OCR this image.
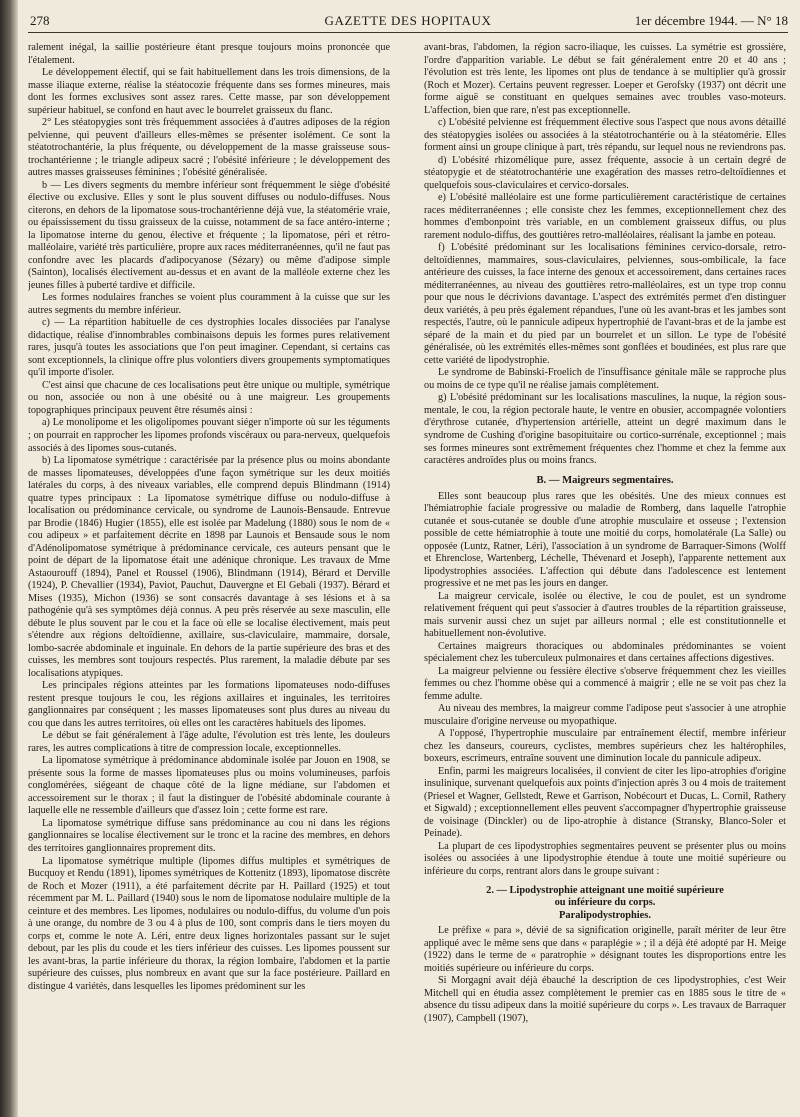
278	GAZETTE DES HOPITAUX	1er décembre 1944. — N° 18

ralement inégal, la saillie postérieure étant presque toujours moins prononcée que l'étalement.

Le développement électif, qui se fait habituellement dans les trois dimensions, de la masse iliaque externe, réalise la stéatocozie fréquente dans ses formes mineures, mais dont les formes exclusives sont assez rares. Cette masse, par son développement supérieur habituel, se confond en haut avec le bourrelet graisseux du flanc.

2° Les stéatopygies sont très fréquemment associées à d'autres adiposes de la région pelvienne, qui peuvent d'ailleurs elles-mêmes se présenter isolément. Ce sont la stéatotrochantérie, la plus fréquente, ou développement de la masse graisseuse sous-trochantérienne ; le triangle adipeux sacré ; l'obésité inférieure ; le développement des autres masses graisseuses féminines ; l'obésité généralisée.

b — Les divers segments du membre inférieur sont fréquemment le siège d'obésité élective ou exclusive. Elles y sont le plus souvent diffuses ou nodulo-diffuses. Nous citerons, en dehors de la lipomatose sous-trochantérienne déjà vue, la stéatomérie vraie, ou épaississement du tissu graisseux de la cuisse, notamment de sa face antéro-interne ; la lipomatose interne du genou, élective et fréquente ; la lipomatose, péri et rétro-malléolaire, variété très particulière, propre aux races méditerranéennes, qu'il ne faut pas confondre avec les placards d'adipocyanose (Sézary) ou même d'adipose simple (Sainton), localisés électivement au-dessus et en avant de la malléole externe chez les jeunes filles à puberté tardive et difficile.

Les formes nodulaires franches se voient plus couramment à la cuisse que sur les autres segments du membre inférieur.

c) — La répartition habituelle de ces dystrophies locales dissociées par l'analyse didactique, réalise d'innombrables combinaisons depuis les formes pures relativement rares, jusqu'à toutes les associations que l'on peut imaginer. Cependant, si certains cas sont exceptionnels, la clinique offre plus volontiers divers groupements symptomatiques qu'il importe d'isoler.

C'est ainsi que chacune de ces localisations peut être unique ou multiple, symétrique ou non, associée ou non à une obésité ou à une maigreur. Les groupements topographiques principaux peuvent être résumés ainsi :

a) Le monolipome et les oligolipomes pouvant siéger n'importe où sur les téguments ; on pourrait en rapprocher les lipomes profonds viscéraux ou para-nerveux, quelquefois associés à des lipomes sous-cutanés.

b) La lipomatose symétrique : caractérisée par la présence plus ou moins abondante de masses lipomateuses, développées d'une façon symétrique sur les deux moitiés latérales du corps, à des niveaux variables, elle comprend depuis Blindmann (1914) quatre types principaux : La lipomatose symétrique diffuse ou nodulo-diffuse à localisation ou prédominance cervicale, ou syndrome de Launois-Bensaude. Entrevue par Brodie (1846) Hugier (1855), elle est isolée par Madelung (1880) sous le nom de « cou adipeux » et parfaitement décrite en 1898 par Launois et Bensaude sous le nom d'Adénolipomatose symétrique à prédominance cervicale, ces auteurs pensant que le point de départ de la lipomatose était une adénique chronique. Les travaux de Mme Astaourouff (1894), Panel et Roussel (1906), Blindmann (1914), Bérard et Derville (1924), P. Chevallier (1934), Paviot, Pauchut, Dauvergne et El Gebali (1937). Bérard et Mises (1935), Michon (1936) se sont consacrés davantage à ses lésions et à sa pathogénie qu'à ses symptômes déjà connus. A peu près réservée au sexe masculin, elle débute le plus souvent par le cou et la face où elle se localise électivement, mais peut s'étendre aux régions deltoïdienne, axillaire, sus-claviculaire, mammaire, dorsale, lombo-sacrée abdominale et inguinale. En dehors de la partie supérieure des bras et des cuisses, les membres sont toujours respectés. Plus rarement, la maladie débute par ses localisations atypiques.

Les principales régions atteintes par les formations lipomateuses nodo-diffuses restent presque toujours le cou, les régions axillaires et inguinales, les territoires ganglionnaires par conséquent ; les masses lipomateuses sont plus dures au niveau du cou que dans les autres territoires, où elles ont les caractères habituels des lipomes.

Le début se fait généralement à l'âge adulte, l'évolution est très lente, les douleurs rares, les autres complications à titre de compression locale, exceptionnelles.

La lipomatose symétrique à prédominance abdominale isolée par Jouon en 1908, se présente sous la forme de masses lipomateuses plus ou moins volumineuses, parfois conglomérées, siégeant de chaque côté de la ligne médiane, sur l'abdomen et accessoirement sur le thorax ; il faut la distinguer de l'obésité abdominale courante à laquelle elle ne ressemble d'ailleurs que d'assez loin ; cette forme est rare.

La lipomatose symétrique diffuse sans prédominance au cou ni dans les régions ganglionnaires se localise électivement sur le tronc et la racine des membres, en dehors des territoires ganglionnaires proprement dits.

La lipomatose symétrique multiple (lipomes diffus multiples et symétriques de Bucquoy et Rendu (1891), lipomes symétriques de Kottenitz (1893), lipomatose discrète de Roch et Mozer (1911), a été parfaitement décrite par H. Paillard (1925) et tout récemment par M. L. Paillard (1940) sous le nom de lipomatose nodulaire multiple de la ceinture et des membres. Les lipomes, nodulaires ou nodulo-diffus, du volume d'un pois à une orange, du nombre de 3 ou 4 à plus de 100, sont compris dans le tiers moyen du corps et, comme le note A. Léri, entre deux lignes horizontales passant sur le sujet debout, par les plis du coude et les tiers inférieur des cuisses. Les lipomes poussent sur les avant-bras, la partie inférieure du thorax, la région lombaire, l'abdomen et la partie supérieure des cuisses, plus nombreux en avant que sur la face postérieure. Paillard en distingue 4 variétés, dans lesquelles les lipomes prédominent sur les

avant-bras, l'abdomen, la région sacro-iliaque, les cuisses. La symétrie est grossière, l'ordre d'apparition variable. Le début se fait généralement entre 20 et 40 ans ; l'évolution est très lente, les lipomes ont plus de tendance à se multiplier qu'à grossir (Roch et Mozer). Certains peuvent regresser. Loeper et Gerofsky (1937) ont décrit une forme aiguë se constituant en quelques semaines avec troubles vaso-moteurs. L'affection, bien que rare, n'est pas exceptionnelle.

c) L'obésité pelvienne est fréquemment élective sous l'aspect que nous avons détaillé des stéatopygies isolées ou associées à la stéatotrochantérie ou à la stéatomérie. Elles forment ainsi un groupe clinique à part, très répandu, sur lequel nous ne reviendrons pas.

d) L'obésité rhizomélique pure, assez fréquente, associe à un certain degré de stéatopygie et de stéatotrochantérie une exagération des masses retro-deltoïdiennes et quelquefois sous-claviculaires et cervico-dorsales.

e) L'obésité malléolaire est une forme particulièrement caractéristique de certaines races méditerranéennes ; elle consiste chez les femmes, exceptionnellement chez des hommes d'embonpoint très variable, en un comblement graisseux diffus, ou plus rarement nodulo-diffus, des gouttières retro-malléolaires, réalisant la jambe en poteau.

f) L'obésité prédominant sur les localisations féminines cervico-dorsale, retro-deltoïdiennes, mammaires, sous-claviculaires, pelviennes, sous-ombilicale, la face antérieure des cuisses, la face interne des genoux et accessoirement, dans certaines races méditerranéennes, au niveau des gouttières retro-malléolaires, est un type trop connu pour que nous le décrivions davantage. L'aspect des extrémités permet d'en distinguer deux variétés, à peu près également répandues, l'une où les avant-bras et les jambes sont respectés, l'autre, où le pannicule adipeux hypertrophié de l'avant-bras et de la jambe est séparé de la main et du pied par un bourrelet et un sillon. Le type de l'obésité généralisée, où les extrémités elles-mêmes sont gonflées et boudinées, est plus rare que cette variété de lipodystrophie.

Le syndrome de Babinski-Froelich de l'insuffisance génitale mâle se rapproche plus ou moins de ce type qu'il ne réalise jamais complètement.

g) L'obésité prédominant sur les localisations masculines, la nuque, la région sous-mentale, le cou, la région pectorale haute, le ventre en obusier, accompagnée volontiers d'érythrose cutanée, d'hypertension artérielle, atteint un degré maximum dans le syndrome de Cushing d'origine basopituitaire ou cortico-surrénale, exceptionnel ; mais ses formes mineures sont extrêmement fréquentes chez l'homme et chez la femme aux caractères androïdes plus ou moins francs.

B. — Maigreurs segmentaires.

Elles sont beaucoup plus rares que les obésités. Une des mieux connues est l'hémiatrophie faciale progressive ou maladie de Romberg, dans laquelle l'atrophie cutanée et sous-cutanée se double d'une atrophie musculaire et osseuse ; l'extension possible de cette hémiatrophie à toute une moitié du corps, homolatérale (La Salle) ou opposée (Luntz, Ratner, Léri), l'association à un syndrome de Barraquer-Simons (Wolff et Ehrenclose, Wartenberg, Léchelle, Thévenard et Joseph), l'apparente nettement aux lipodystrophies associées. L'affection qui débute dans l'adolescence est lentement progressive et ne met pas les jours en danger.

La maigreur cervicale, isolée ou élective, le cou de poulet, est un syndrome relativement fréquent qui peut s'associer à d'autres troubles de la répartition graisseuse, mais survenir aussi chez un sujet par ailleurs normal ; elle est constitutionnelle et habituellement non-évolutive.

Certaines maigreurs thoraciques ou abdominales prédominantes se voient spécialement chez les tuberculeux pulmonaires et dans certaines affections digestives.

La maigreur pelvienne ou fessière élective s'observe fréquemment chez les vieilles femmes ou chez l'homme obèse qui a commencé à maigrir ; elle ne se voit pas chez la femme adulte.

Au niveau des membres, la maigreur comme l'adipose peut s'associer à une atrophie musculaire d'origine nerveuse ou myopathique.

A l'opposé, l'hypertrophie musculaire par entraînement électif, membre inférieur chez les danseurs, coureurs, cyclistes, membres supérieurs chez les haltérophiles, boxeurs, escrimeurs, entraîne souvent une diminution locale du pannicule adipeux.

Enfin, parmi les maigreurs localisées, il convient de citer les lipo-atrophies d'origine insulinique, survenant quelquefois aux points d'injection après 3 ou 4 mois de traitement (Priesel et Wagner, Gellstedt, Rewe et Garrison, Nobécourt et Ducas, L. Cornil, Rathery et Sigwald) ; exceptionnellement elles peuvent s'accompagner d'hypertrophie graisseuse de voisinage (Dinckler) ou de lipo-atrophie à distance (Stransky, Blanco-Soler et Peinade).

La plupart de ces lipodystrophies segmentaires peuvent se présenter plus ou moins isolées ou associées à une lipodystrophie étendue à toute une moitié supérieure ou inférieure du corps, rentrant alors dans le groupe suivant :

2. — Lipodystrophie atteignant une moitié supérieure
ou inférieure du corps.
Paralipodystrophies.

Le préfixe « para », dévié de sa signification originelle, paraît mériter de leur être appliqué avec le même sens que dans « paraplégie » ; il a déjà été adopté par H. Meige (1922) dans le terme de « paratrophie » désignant toutes les disproportions entre les moitiés supérieure ou inférieure du corps.

Si Morgagni avait déjà ébauché la description de ces lipodystrophies, c'est Weir Mitchell qui en étudia assez complètement le premier cas en 1885 sous le titre de « absence du tissu adipeux dans la moitié supérieure du corps ». Les travaux de Barraquer (1907), Campbell (1907),
